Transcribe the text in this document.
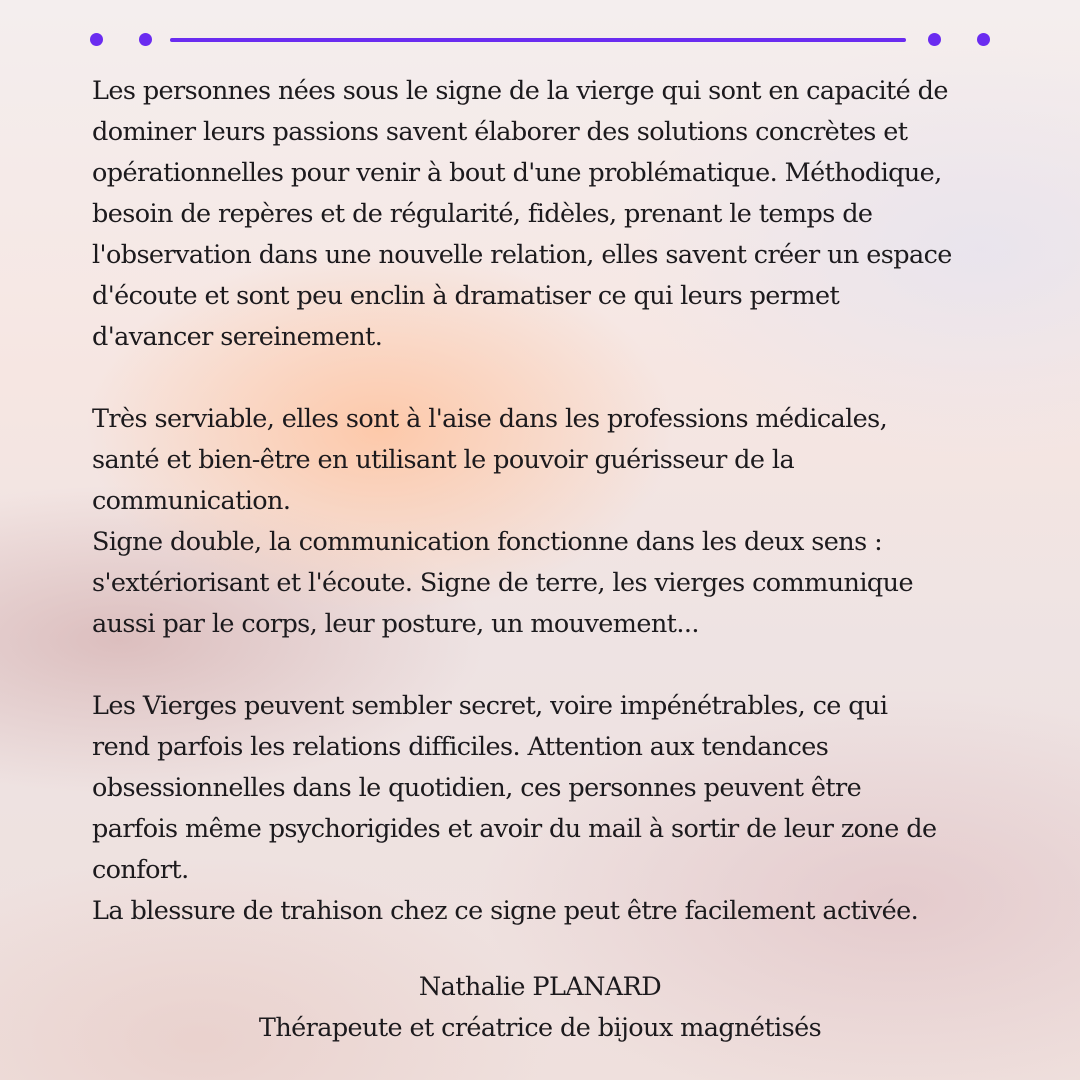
Les personnes nées sous le signe de la vierge qui sont en capacité de
dominer leurs passions savent élaborer des solutions concrètes et
opérationnelles pour venir à bout d'une problématique. Méthodique,
besoin de repères et de régularité, fidèles, prenant le temps de
l'observation dans une nouvelle relation, elles savent créer un espace
d'écoute et sont peu enclin à dramatiser ce qui leurs permet
d'avancer sereinement.

Très serviable, elles sont à l'aise dans les professions médicales,
santé et bien-être en utilisant le pouvoir guérisseur de la
communication.
Signe double, la communication fonctionne dans les deux sens :
s'extériorisant et l'écoute. Signe de terre, les vierges communique
aussi par le corps, leur posture, un mouvement...

Les Vierges peuvent sembler secret, voire impénétrables, ce qui
rend parfois les relations difficiles. Attention aux tendances
obsessionnelles dans le quotidien, ces personnes peuvent être
parfois même psychorigides et avoir du mail à sortir de leur zone de
confort.
La blessure de trahison chez ce signe peut être facilement activée.

Nathalie PLANARD
Thérapeute et créatrice de bijoux magnétisés
